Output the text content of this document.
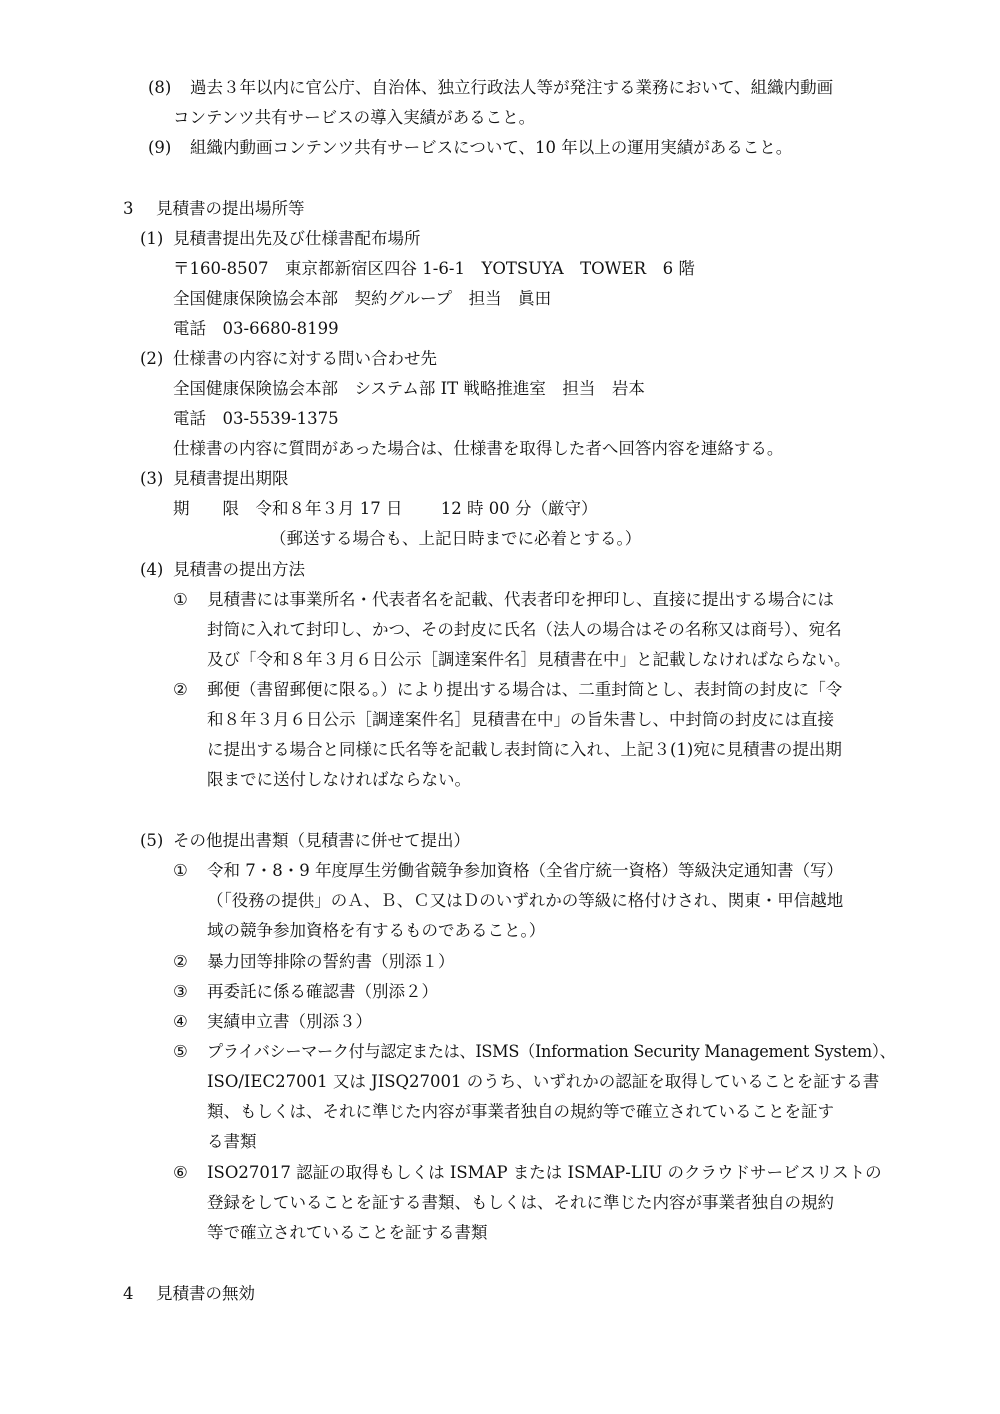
(8) 過去３年以内に官公庁、自治体、独立行政法人等が発注する業務において、組織内動画
コンテンツ共有サービスの導入実績があること。
(9) 組織内動画コンテンツ共有サービスについて、10 年以上の運用実績があること。
3 見積書の提出場所等
(1) 見積書提出先及び仕様書配布場所
〒160-8507　東京都新宿区四谷 1-6-1　YOTSUYA　TOWER　6 階
全国健康保険協会本部　契約グループ　担当　眞田
電話　03-6680-8199
(2) 仕様書の内容に対する問い合わせ先
全国健康保険協会本部　システム部 IT 戦略推進室　担当　岩本
電話　03-5539-1375
仕様書の内容に質問があった場合は、仕様書を取得した者へ回答内容を連絡する。
(3) 見積書提出期限
期　　限　令和８年３月 17 日　　 12 時 00 分（厳守）
（郵送する場合も、上記日時までに必着とする。）
(4) 見積書の提出方法
① 見積書には事業所名・代表者名を記載、代表者印を押印し、直接に提出する場合には
封筒に入れて封印し、かつ、その封皮に氏名（法人の場合はその名称又は商号）、宛名
及び「令和８年３月６日公示［調達案件名］見積書在中」と記載しなければならない。
② 郵便（書留郵便に限る。）により提出する場合は、二重封筒とし、表封筒の封皮に「令
和８年３月６日公示［調達案件名］見積書在中」の旨朱書し、中封筒の封皮には直接
に提出する場合と同様に氏名等を記載し表封筒に入れ、上記３(1)宛に見積書の提出期
限までに送付しなければならない。
(5) その他提出書類（見積書に併せて提出）
① 令和 7・8・9 年度厚生労働省競争参加資格（全省庁統一資格）等級決定通知書（写）
（「役務の提供」のＡ、Ｂ、Ｃ又はＤのいずれかの等級に格付けされ、関東・甲信越地
域の競争参加資格を有するものであること。）
② 暴力団等排除の誓約書（別添１）
③ 再委託に係る確認書（別添２）
④ 実績申立書（別添３）
⑤ プライバシーマーク付与認定または、ISMS（Information Security Management System）、
ISO/IEC27001 又は JISQ27001 のうち、いずれかの認証を取得していることを証する書
類、もしくは、それに準じた内容が事業者独自の規約等で確立されていることを証す
る書類
⑥ ISO27017 認証の取得もしくは ISMAP または ISMAP‐LIU のクラウドサービスリストの
登録をしていることを証する書類、もしくは、それに準じた内容が事業者独自の規約
等で確立されていることを証する書類
4 見積書の無効
